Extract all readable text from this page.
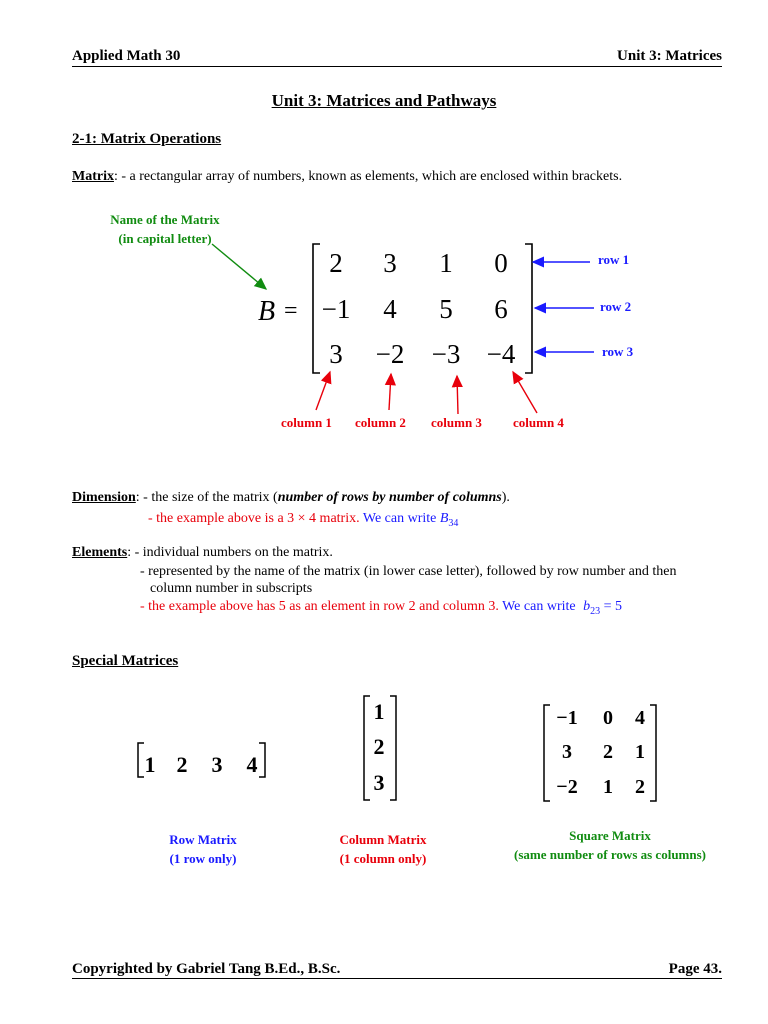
Applied Math 30	Unit 3: Matrices
Unit 3: Matrices and Pathways
2-1: Matrix Operations
Matrix: - a rectangular array of numbers, known as elements, which are enclosed within brackets.
Name of the Matrix
(in capital letter)
B =
2 3 1 0
−1 4 5 6
3 −2 −3 −4
row 1
row 2
row 3
column 1 column 2 column 3 column 4
Dimension: - the size of the matrix (number of rows by number of columns).
- the example above is a 3 × 4 matrix. We can write $B_{34}$
Elements: - individual numbers on the matrix.
- represented by the name of the matrix (in lower case letter), followed by row number and then
column number in subscripts
- the example above has 5 as an element in row 2 and column 3. We can write $b_{23} = 5$
Special Matrices
1 2 3 4
1
2
3
−1 0 4
3 2 1
−2 1 2
Row Matrix
(1 row only)
Column Matrix
(1 column only)
Square Matrix
(same number of rows as columns)
Copyrighted by Gabriel Tang B.Ed., B.Sc.	Page 43.
